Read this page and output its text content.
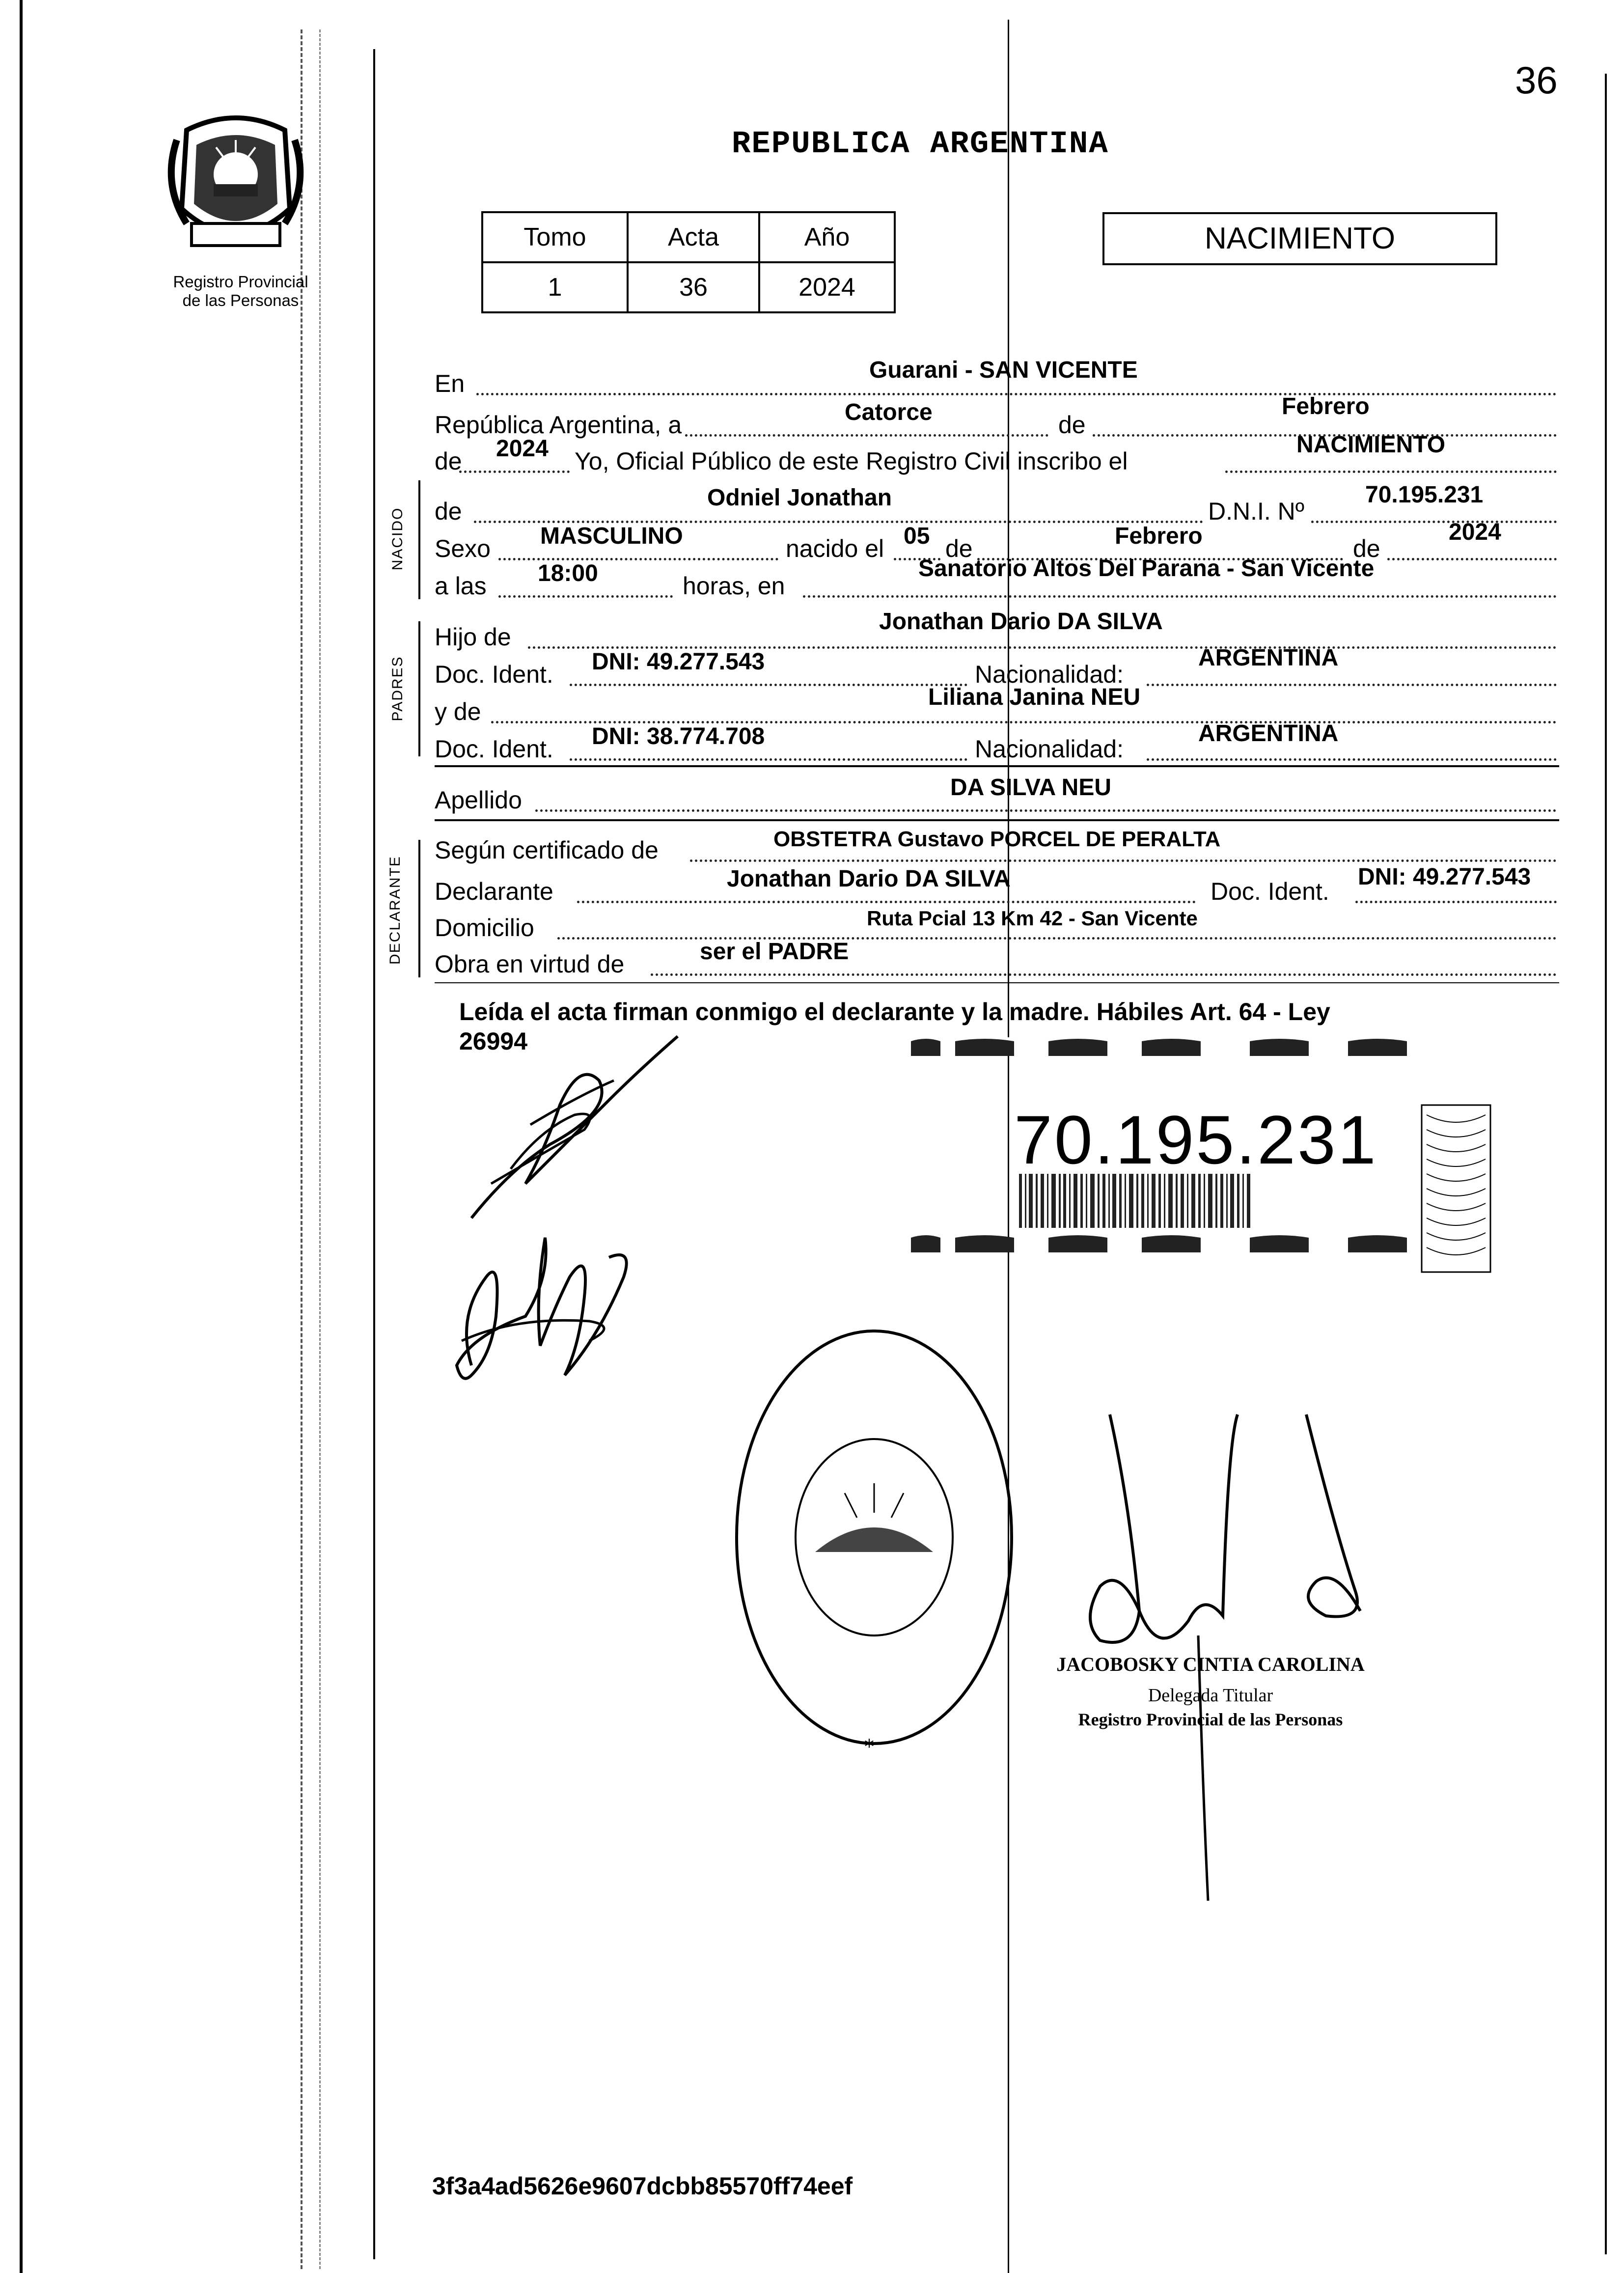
36
Registro Provincial
de las Personas
REPUBLICA ARGENTINA
Tomo	Acta	Año
1	36	2024
NACIMIENTO
En	Guarani - SAN VICENTE
República Argentina, a	Catorce	de
Febrero
de 2024 Yo, Oficial Público de este Registro Civil inscribo el
NACIMIENTO
NACIDO de	Odniel Jonathan	D.N.I. Nº
70.195.231
Sexo MASCULINO	nacido el 05 de	Febrero	de
2024
a las 18:00	horas, en
Sanatorio Altos Del Parana - San Vicente
PADRES
Hijo de
Jonathan Dario DA SILVA
Doc. Ident. DNI: 49.277.543	Nacionalidad:
ARGENTINA
y de
Liliana Janina NEU
Doc. Ident. DNI: 38.774.708	Nacionalidad:
ARGENTINA
Apellido	DA SILVA NEU
DECLARANTE
Según certificado de	OBSTETRA Gustavo PORCEL DE PERALTA
Declarante	Jonathan Dario DA SILVA	Doc. Ident.
DNI: 49.277.543
Domicilio	Ruta Pcial 13 Km 42 - San Vicente
Obra en virtud de	ser el PADRE
Leída el acta firman conmigo el declarante y la madre. Hábiles Art. 64 - Ley
26994
70.195.231
*
JACOBOSKY CINTIA CAROLINA
Delegada Titular
Registro Provincial de las Personas
3f3a4ad5626e9607dcbb85570ff74eef
